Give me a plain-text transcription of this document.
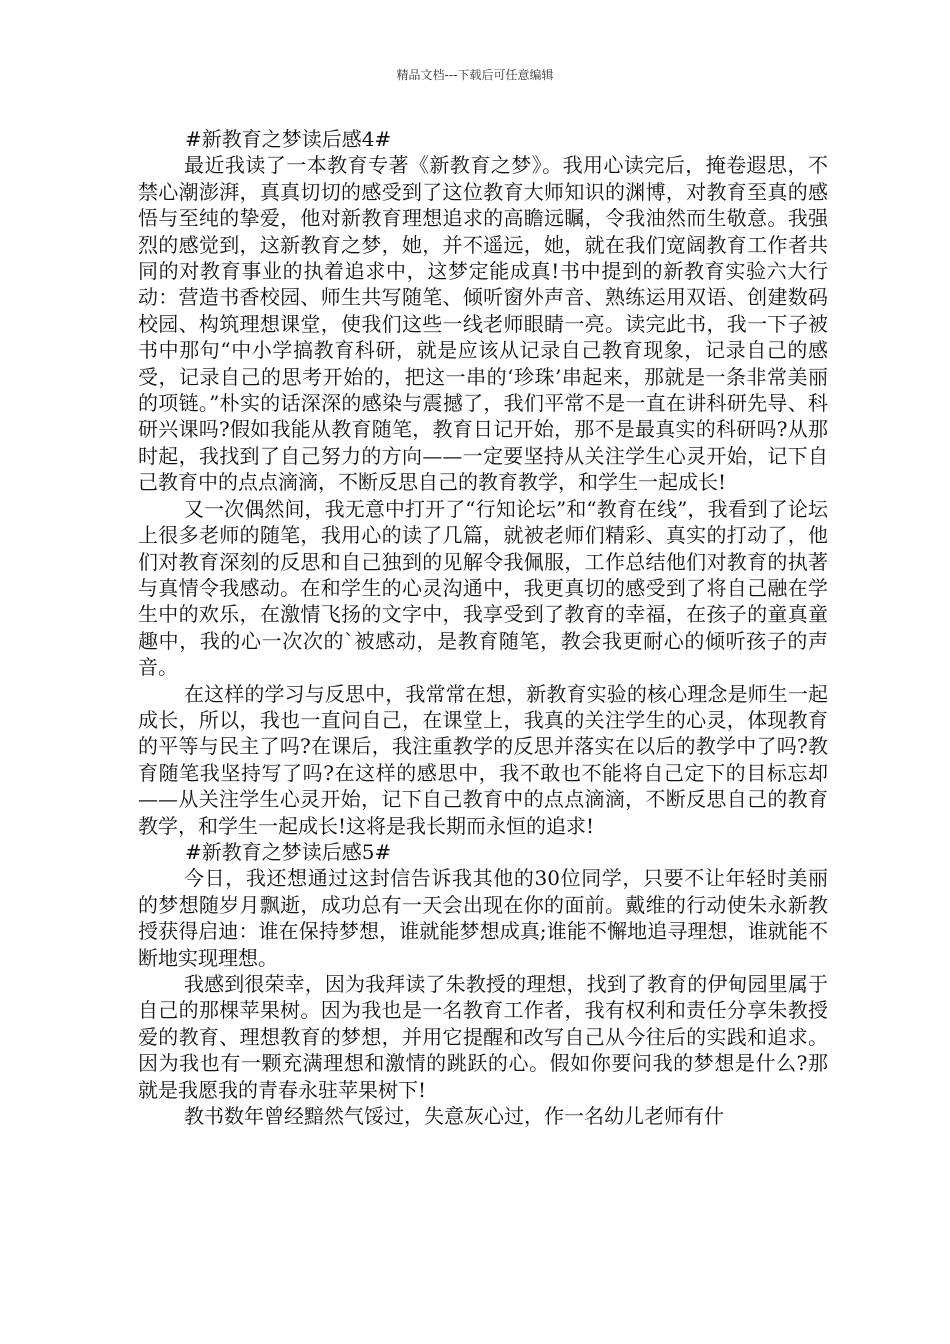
精品文档---下载后可任意编辑

#新教育之梦读后感4#

最近我读了一本教育专著《新教育之梦》。我用心读完后，掩卷遐思，不禁心潮澎湃，真真切切的感受到了这位教育大师知识的渊博，对教育至真的感悟与至纯的挚爱，他对新教育理想追求的高瞻远瞩，令我油然而生敬意。我强烈的感觉到，这新教育之梦，她，并不遥远，她，就在我们宽阔教育工作者共同的对教育事业的执着追求中，这梦定能成真!书中提到的新教育实验六大行动：营造书香校园、师生共写随笔、倾听窗外声音、熟练运用双语、创建数码校园、构筑理想课堂，使我们这些一线老师眼睛一亮。读完此书，我一下子被书中那句“中小学搞教育科研，就是应该从记录自己教育现象，记录自己的感受，记录自己的思考开始的，把这一串的‘珍珠’串起来，那就是一条非常美丽的项链。”朴实的话深深的感染与震撼了，我们平常不是一直在讲科研先导、科研兴课吗?假如我能从教育随笔，教育日记开始，那不是最真实的科研吗?从那时起，我找到了自己努力的方向——一定要坚持从关注学生心灵开始，记下自己教育中的点点滴滴，不断反思自己的教育教学，和学生一起成长!

又一次偶然间，我无意中打开了“行知论坛”和“教育在线”，我看到了论坛上很多老师的随笔，我用心的读了几篇，就被老师们精彩、真实的打动了，他们对教育深刻的反思和自己独到的见解令我佩服，工作总结他们对教育的执著与真情令我感动。在和学生的心灵沟通中，我更真切的感受到了将自己融在学生中的欢乐，在激情飞扬的文字中，我享受到了教育的幸福，在孩子的童真童趣中，我的心一次次的`被感动，是教育随笔，教会我更耐心的倾听孩子的声音。

在这样的学习与反思中，我常常在想，新教育实验的核心理念是师生一起成长，所以，我也一直问自己，在课堂上，我真的关注学生的心灵，体现教育的平等与民主了吗?在课后，我注重教学的反思并落实在以后的教学中了吗?教育随笔我坚持写了吗?在这样的感思中，我不敢也不能将自己定下的目标忘却——从关注学生心灵开始，记下自己教育中的点点滴滴，不断反思自己的教育教学，和学生一起成长!这将是我长期而永恒的追求!

#新教育之梦读后感5#

今日，我还想通过这封信告诉我其他的30位同学，只要不让年轻时美丽的梦想随岁月飘逝，成功总有一天会出现在你的面前。戴维的行动使朱永新教授获得启迪：谁在保持梦想，谁就能梦想成真;谁能不懈地追寻理想，谁就能不断地实现理想。

我感到很荣幸，因为我拜读了朱教授的理想，找到了教育的伊甸园里属于自己的那棵苹果树。因为我也是一名教育工作者，我有权利和责任分享朱教授爱的教育、理想教育的梦想，并用它提醒和改写自己从今往后的实践和追求。因为我也有一颗充满理想和激情的跳跃的心。假如你要问我的梦想是什么?那就是我愿我的青春永驻苹果树下!

教书数年曾经黯然气馁过，失意灰心过，作一名幼儿老师有什
